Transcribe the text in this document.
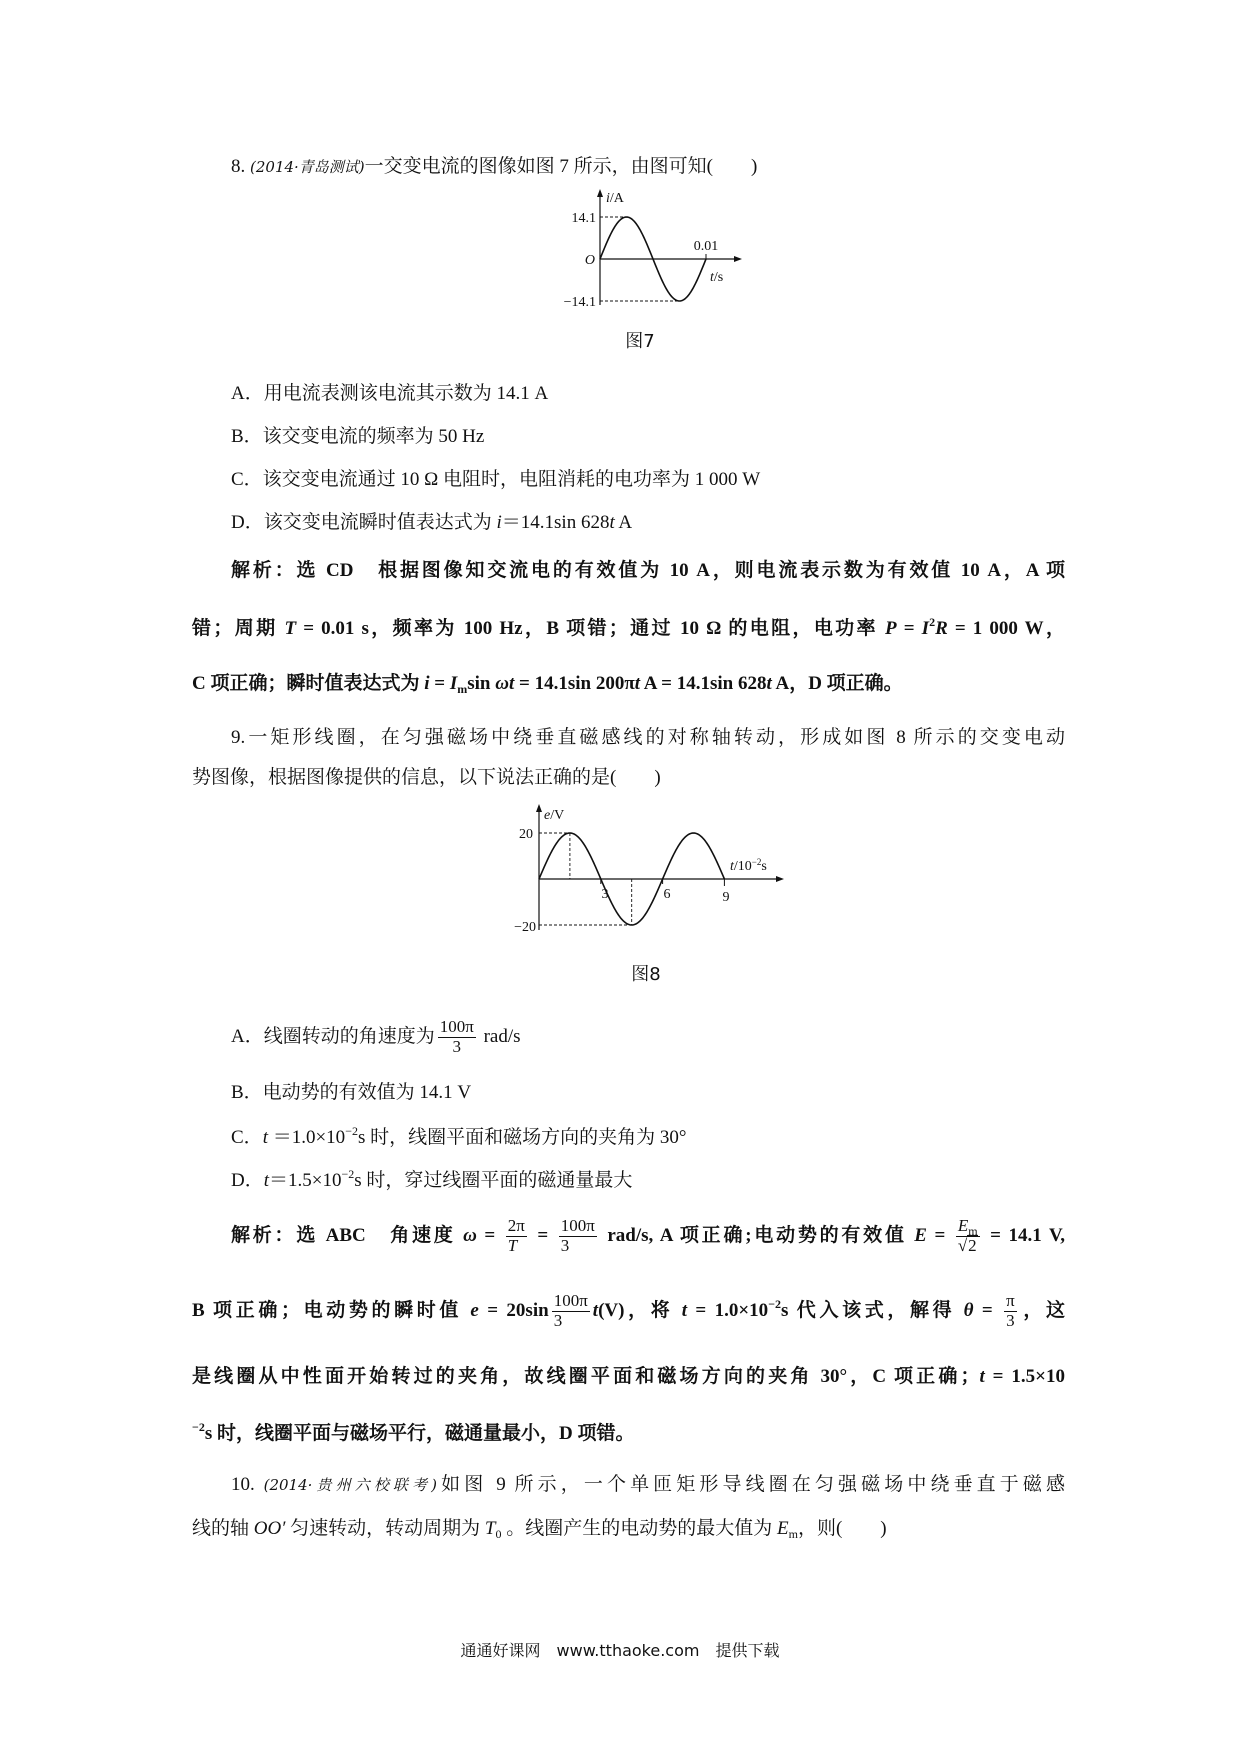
8. (2014·青岛测试)一交变电流的图像如图 7 所示，由图可知(　　)
14.1
i/A
O
0.01
t/s
−14.1
图7
A．用电流表测该电流其示数为 14.1 A
B．该交变电流的频率为 50 Hz
C．该交变电流通过 10 Ω 电阻时，电阻消耗的电功率为 1 000 W
D．该交变电流瞬时值表达式为 i＝14.1sin 628t A
解析：选 CD　根据图像知交流电的有效值为 10 A，则电流表示数为有效值 10 A，A 项
错；周期 T = 0.01 s，频率为 100 Hz，B 项错；通过 10 Ω 的电阻，电功率 $P = I^2R = 1$ 000 W，
C 项正确；瞬时值表达式为 $i = I_m\sin$ ωt = 14.1sin 200πt A = 14.1sin 628t A，D 项正确。
9.一矩形线圈，在匀强磁场中绕垂直磁感线的对称轴转动，形成如图 8 所示的交变电动
势图像，根据图像提供的信息，以下说法正确的是(　　)
e/V
20
−20
3	6	9
$t/10^{-2}s$
图8
A．线圈转动的角速度为 $\frac{100\pi}{3} rad/s$
B．电动势的有效值为 14.1 V
C．$t =1.0\times 10^{-2}s$ 时，线圈平面和磁场方向的夹角为 30°
D．$t=1.5\times 10^{-2}s$ 时，穿过线圈平面的磁通量最大
解析：选 ABC　角速度 $\omega = \frac{2\pi}{T} = \frac{100\pi}{3} rad/s$, A 项正确;电动势的有效值 $E = \frac{E_m}{√2} = 14.1$ V,
B 项正确；电动势的瞬时值 $e = 20\sin \frac{100\pi}{3} t(V)$，将 $t = 1.0\times 10^{-2}s$ 代入该式，解得 $\theta = \frac{\pi}{3}$ ，这
是线圈从中性面开始转过的夹角，故线圈平面和磁场方向的夹角 30°，C 项正确；t = 1.5×10
$^{-2}$s 时，线圈平面与磁场平行，磁通量最小，D 项错。
10. (2014·贵州六校联考)如图 9 所示，一个单匝矩形导线圈在匀强磁场中绕垂直于磁感
线的轴 OO′ 匀速转动，转动周期为 $T_0$ 。线圈产生的电动势的最大值为 $E_m$，则(　　)
通通好课网　www.tthaoke.com　提供下载
